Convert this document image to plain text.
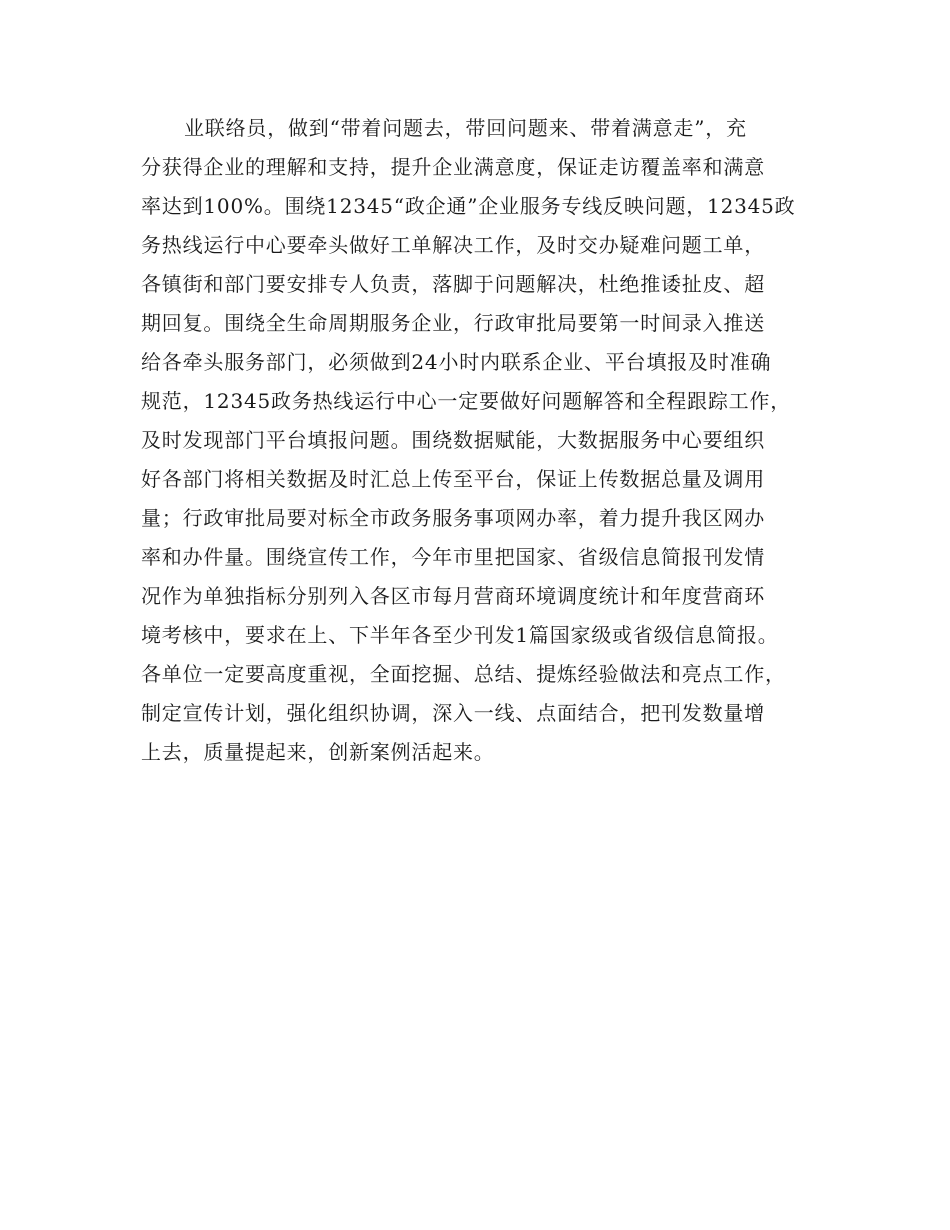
业联络员，做到“带着问题去，带回问题来、带着满意走”，充
分获得企业的理解和支持，提升企业满意度，保证走访覆盖率和满意
率达到100%。围绕12345“政企通”企业服务专线反映问题，12345政
务热线运行中心要牵头做好工单解决工作，及时交办疑难问题工单，
各镇街和部门要安排专人负责，落脚于问题解决，杜绝推诿扯皮、超
期回复。围绕全生命周期服务企业，行政审批局要第一时间录入推送
给各牵头服务部门，必须做到24小时内联系企业、平台填报及时准确
规范，12345政务热线运行中心一定要做好问题解答和全程跟踪工作，
及时发现部门平台填报问题。围绕数据赋能，大数据服务中心要组织
好各部门将相关数据及时汇总上传至平台，保证上传数据总量及调用
量；行政审批局要对标全市政务服务事项网办率，着力提升我区网办
率和办件量。围绕宣传工作，今年市里把国家、省级信息简报刊发情
况作为单独指标分别列入各区市每月营商环境调度统计和年度营商环
境考核中，要求在上、下半年各至少刊发1篇国家级或省级信息简报。
各单位一定要高度重视，全面挖掘、总结、提炼经验做法和亮点工作，
制定宣传计划，强化组织协调，深入一线、点面结合，把刊发数量增
上去，质量提起来，创新案例活起来。
